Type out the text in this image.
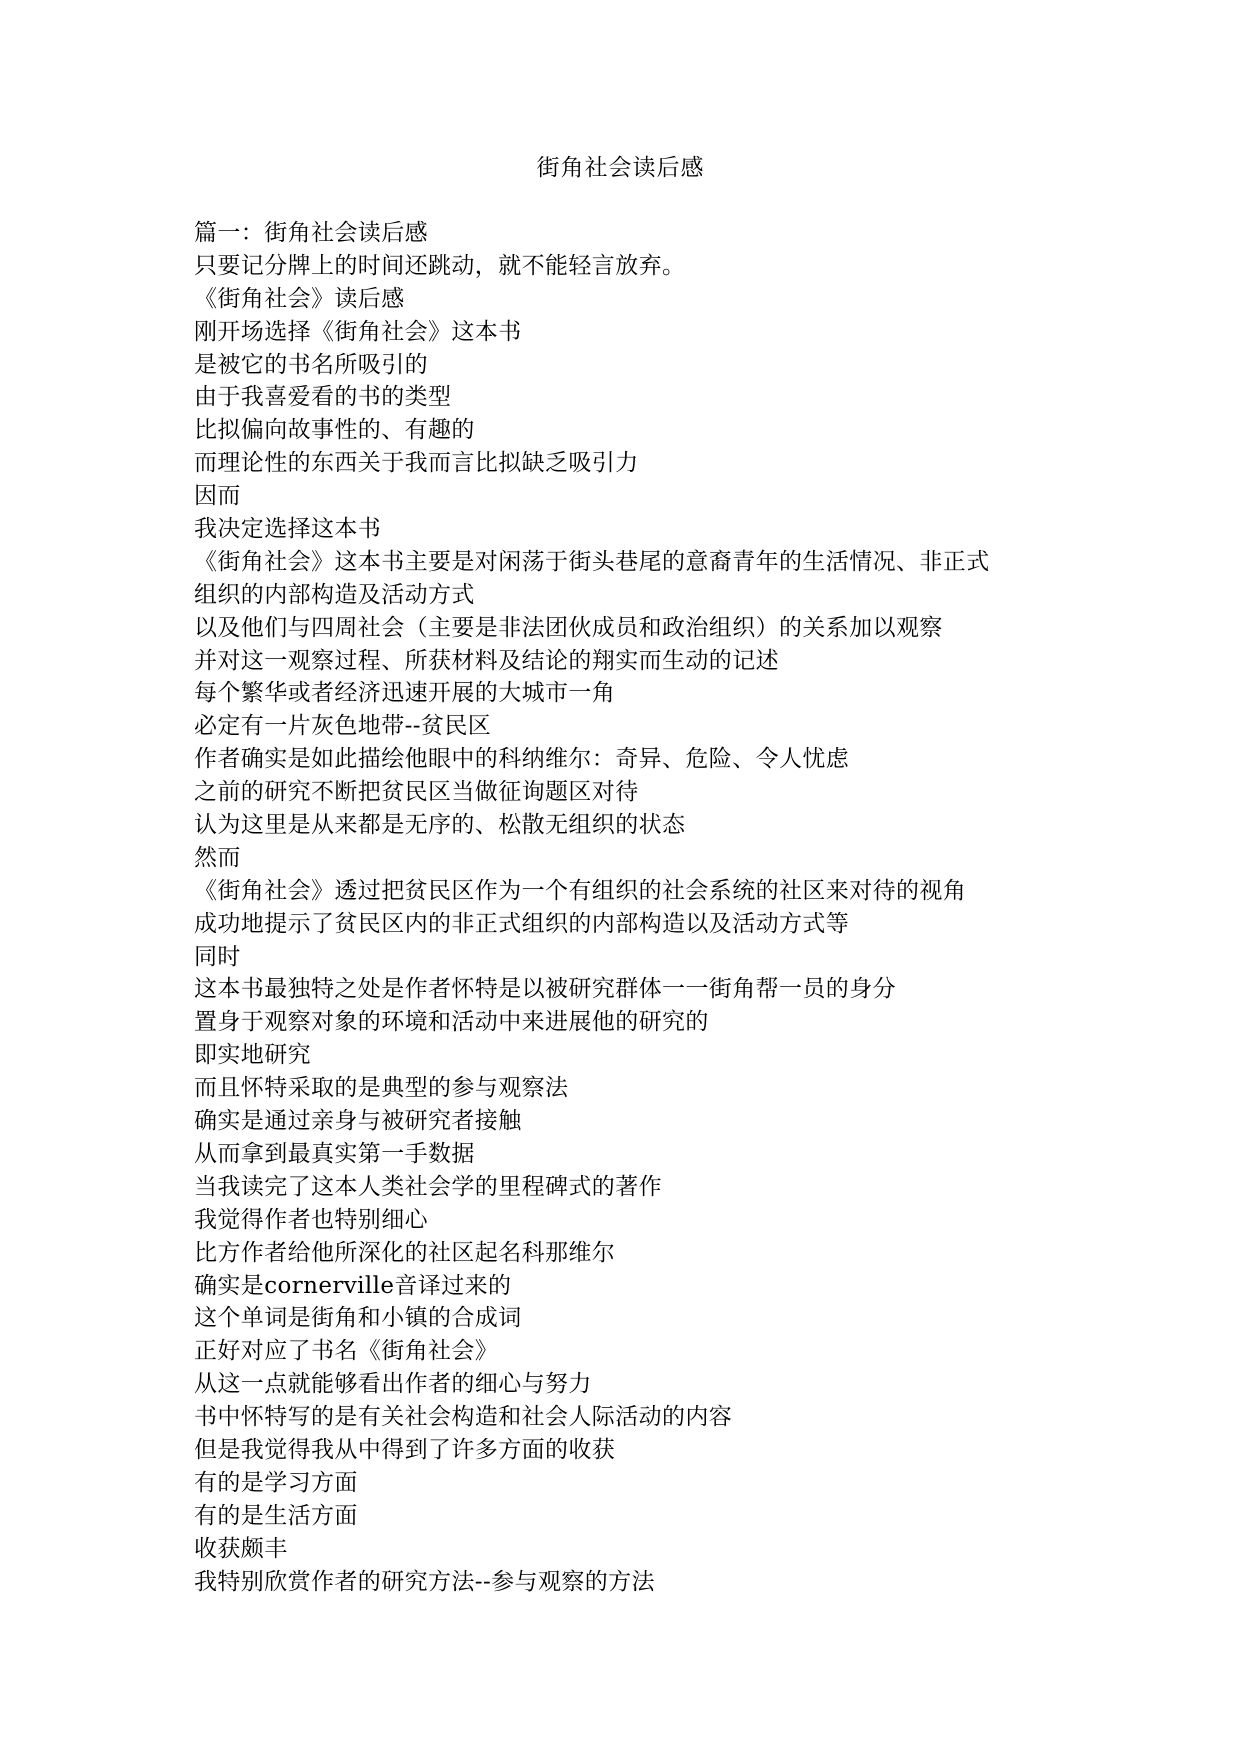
街角社会读后感
篇一：街角社会读后感
只要记分牌上的时间还跳动，就不能轻言放弃。
《街角社会》读后感
刚开场选择《街角社会》这本书
是被它的书名所吸引的
由于我喜爱看的书的类型
比拟偏向故事性的、有趣的
而理论性的东西关于我而言比拟缺乏吸引力
因而
我决定选择这本书
《街角社会》这本书主要是对闲荡于街头巷尾的意裔青年的生活情况、非正式
组织的内部构造及活动方式
以及他们与四周社会（主要是非法团伙成员和政治组织）的关系加以观察
并对这一观察过程、所获材料及结论的翔实而生动的记述
每个繁华或者经济迅速开展的大城市一角
必定有一片灰色地带--贫民区
作者确实是如此描绘他眼中的科纳维尔：奇异、危险、令人忧虑
之前的研究不断把贫民区当做征询题区对待
认为这里是从来都是无序的、松散无组织的状态
然而
《街角社会》透过把贫民区作为一个有组织的社会系统的社区来对待的视角
成功地提示了贫民区内的非正式组织的内部构造以及活动方式等
同时
这本书最独特之处是作者怀特是以被研究群体一一街角帮一员的身分
置身于观察对象的环境和活动中来进展他的研究的
即实地研究
而且怀特采取的是典型的参与观察法
确实是通过亲身与被研究者接触
从而拿到最真实第一手数据
当我读完了这本人类社会学的里程碑式的著作
我觉得作者也特别细心
比方作者给他所深化的社区起名科那维尔
确实是cornerville音译过来的
这个单词是街角和小镇的合成词
正好对应了书名《街角社会》
从这一点就能够看出作者的细心与努力
书中怀特写的是有关社会构造和社会人际活动的内容
但是我觉得我从中得到了许多方面的收获
有的是学习方面
有的是生活方面
收获颇丰
我特别欣赏作者的研究方法--参与观察的方法
